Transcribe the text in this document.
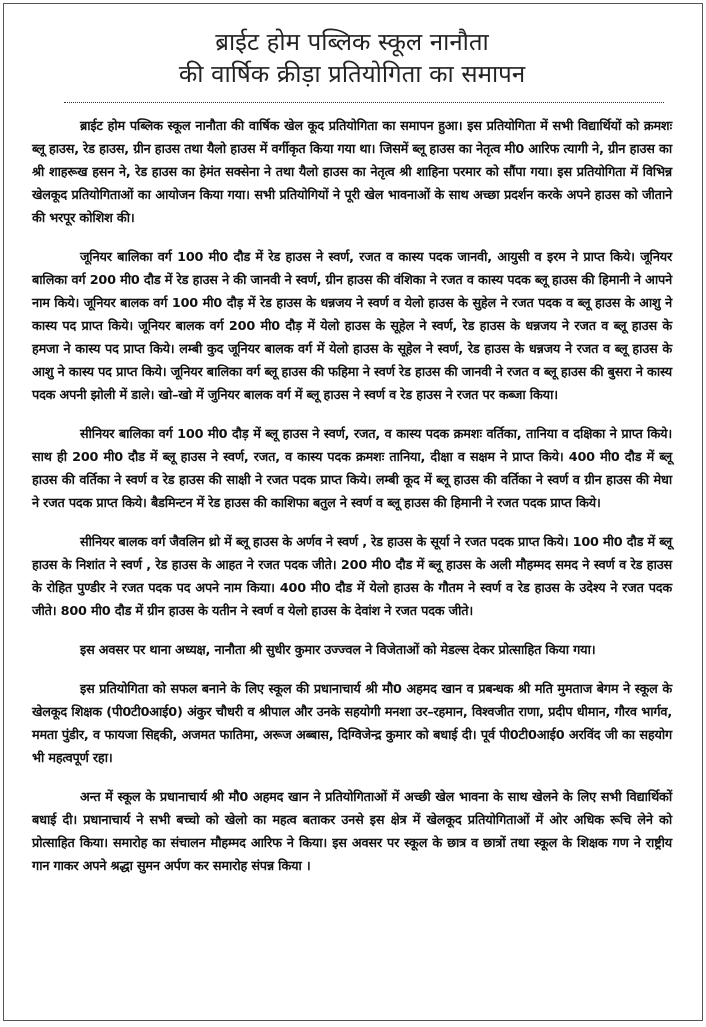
ब्राईट होम पब्लिक स्कूल नानौता
की वार्षिक क्रीड़ा प्रतियोगिता का समापन

ब्राईट होम पब्लिक स्कूल नानौता की वार्षिक खेल कूद प्रतियोगिता का समापन हुआ। इस प्रतियोगिता में सभी विद्यार्थियों को क्रमशः ब्लू हाउस, रेड हाउस, ग्रीन हाउस तथा यैलो हाउस में वर्गीकृत किया गया था। जिसमें ब्लू हाउस का नेतृत्व मी0 आरिफ त्यागी ने, ग्रीन हाउस का श्री शाहरूख हसन ने, रेड हाउस का हेमंत सक्सेना ने तथा यैलो हाउस का नेतृत्व श्री शाहिना परमार को सौंपा गया। इस प्रतियोगिता में विभिन्न खेलकूद प्रतियोगिताओं का आयोजन किया गया। सभी प्रतियोगियों ने पूरी खेल भावनाओं के साथ अच्छा प्रदर्शन करके अपने हाउस को जीताने की भरपूर कोशिश की।

जूनियर बालिका वर्ग 100 मी0 दौड में रेड हाउस ने स्वर्ण, रजत व कास्य पदक जानवी, आयुसी व इरम ने प्राप्त किये। जूनियर बालिका वर्ग 200 मी0 दौड में रेड हाउस ने की जानवी ने स्वर्ण, ग्रीन हाउस की वंशिका ने रजत व कास्य पदक ब्लू हाउस की हिमानी ने आपने नाम किये। जूनियर बालक वर्ग 100 मी0 दौड़ में रेड हाउस के धन्नजय ने स्वर्ण व येलो हाउस के सुहेल ने रजत पदक व ब्लू हाउस के आशु ने कास्य पद प्राप्त किये। जूनियर बालक वर्ग 200 मी0 दौड़ में येलो हाउस के सूहेल ने स्वर्ण, रेड हाउस के धन्नजय ने रजत व ब्लू हाउस के हमजा ने कास्य पद प्राप्त किये। लम्बी कुद जूनियर बालक वर्ग में येलो हाउस के सूहेल ने स्वर्ण, रेड हाउस के धन्नजय ने रजत व ब्लू हाउस के आशु ने कास्य पद प्राप्त किये। जूनियर बालिका वर्ग ब्लू हाउस की फहिमा ने स्वर्ण रेड हाउस की जानवी ने रजत व ब्लू हाउस की बुसरा ने कास्य पदक अपनी झोली में डाले। खो–खो में जुनियर बालक वर्ग में ब्लू हाउस ने स्वर्ण व रेड हाउस ने रजत पर कब्जा किया।

सीनियर बालिका वर्ग 100 मी0 दौड़ में ब्लू हाउस ने स्वर्ण, रजत, व कास्य पदक क्रमशः वर्तिका, तानिया व दक्षिका ने प्राप्त किये। साथ ही 200 मी0 दौड में ब्लू हाउस ने स्वर्ण, रजत, व कास्य पदक क्रमशः तानिया, दीक्षा व सक्षम ने प्राप्त किये। 400 मी0 दौड में ब्लू हाउस की वर्तिका ने स्वर्ण व रेड हाउस की साक्षी ने रजत पदक प्राप्त किये। लम्बी कूद में ब्लू हाउस की वर्तिका ने स्वर्ण व ग्रीन हाउस की मेधा ने रजत पदक प्राप्त किये। बैडमिन्टन में रेड हाउस की काशिफा बतुल ने स्वर्ण व ब्लू हाउस की हिमानी ने रजत पदक प्राप्त किये।

सीनियर बालक वर्ग जैवलिन थ्रो में ब्लू हाउस के अर्णव ने स्वर्ण , रेड हाउस के सूर्या ने रजत पदक प्राप्त किये। 100 मी0 दौड में ब्लू हाउस के निशांत ने स्वर्ण , रेड हाउस के आहत ने रजत पदक जीते। 200 मी0 दौड में ब्लू हाउस के अली मौहम्मद समद ने स्वर्ण व रेड हाउस के रोहित पुण्डीर ने रजत पदक पद अपने नाम किया। 400 मी0 दौड में येलो हाउस के गौतम ने स्वर्ण व रेड हाउस के उदेश्य ने रजत पदक जीते। 800 मी0 दौड में ग्रीन हाउस के यतीन ने स्वर्ण व येलो हाउस के देवांश ने रजत पदक जीते।

इस अवसर पर थाना अध्यक्ष, नानौता श्री सुधीर कुमार उज्ज्वल ने विजेताओं को मेडल्स देकर प्रोत्साहित किया गया।

इस प्रतियोगिता को सफल बनाने के लिए स्कूल की प्रधानाचार्य श्री मौ0 अहमद खान व प्रबन्धक श्री मति मुमताज बेगम ने स्कूल के खेलकूद शिक्षक (पी0टी0आई0) अंकुर चौधरी व श्रीपाल और उनके सहयोगी मनशा उर–रहमान, विश्वजीत राणा, प्रदीप धीमान, गौरव भार्गव, ममता पुंडीर, व फायजा सिद्दकी, अजमत फातिमा, अरूज अब्बास, दिग्विजेन्द्र कुमार को बधाई दी। पूर्व पी0टी0आई0 अरविंद जी का सहयोग भी महत्वपूर्ण रहा।

अन्त में स्कूल के प्रधानाचार्य श्री मौ0 अहमद खान ने प्रतियोगिताओं में अच्छी खेल भावना के साथ खेलने के लिए सभी विद्यार्थिकों बधाई दी। प्रधानाचार्य ने सभी बच्चो को खेलो का महत्व बताकर उनसे इस क्षेत्र में खेलकूद प्रतियोगिताओं में ओर अधिक रूचि लेने को प्रोत्साहित किया। समारोह का संचालन मौहम्मद आरिफ ने किया। इस अवसर पर स्कूल के छात्र व छात्रों तथा स्कूल के शिक्षक गण ने राष्ट्रीय गान गाकर अपने श्रद्धा सुमन अर्पण कर समारोह संपन्न किया ।
